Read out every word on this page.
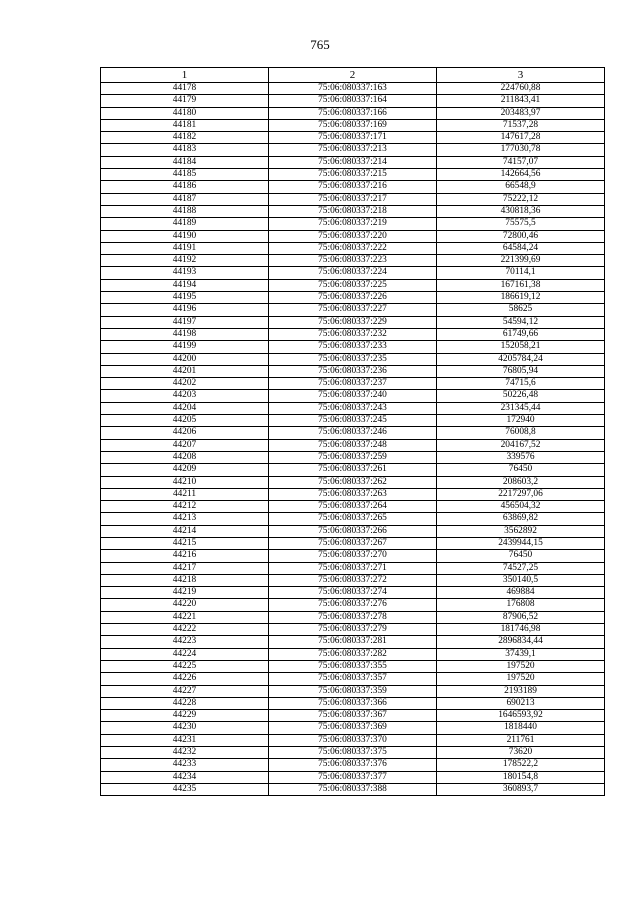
765
1	2	3
44178	75:06:080337:163	224760,88
44179	75:06:080337:164	211843,41
44180	75:06:080337:166	203483,97
44181	75:06:080337:169	71537,28
44182	75:06:080337:171	147617,28
44183	75:06:080337:213	177030,78
44184	75:06:080337:214	74157,07
44185	75:06:080337:215	142664,56
44186	75:06:080337:216	66548,9
44187	75:06:080337:217	75222,12
44188	75:06:080337:218	430818,36
44189	75:06:080337:219	75575,5
44190	75:06:080337:220	72800,46
44191	75:06:080337:222	64584,24
44192	75:06:080337:223	221399,69
44193	75:06:080337:224	70114,1
44194	75:06:080337:225	167161,38
44195	75:06:080337:226	186619,12
44196	75:06:080337:227	58625
44197	75:06:080337:229	54594,12
44198	75:06:080337:232	61749,66
44199	75:06:080337:233	152058,21
44200	75:06:080337:235	4205784,24
44201	75:06:080337:236	76805,94
44202	75:06:080337:237	74715,6
44203	75:06:080337:240	50226,48
44204	75:06:080337:243	231345,44
44205	75:06:080337:245	172940
44206	75:06:080337:246	76008,8
44207	75:06:080337:248	204167,52
44208	75:06:080337:259	339576
44209	75:06:080337:261	76450
44210	75:06:080337:262	208603,2
44211	75:06:080337:263	2217297,06
44212	75:06:080337:264	456504,32
44213	75:06:080337:265	63869,82
44214	75:06:080337:266	3562892
44215	75:06:080337:267	2439944,15
44216	75:06:080337:270	76450
44217	75:06:080337:271	74527,25
44218	75:06:080337:272	350140,5
44219	75:06:080337:274	469884
44220	75:06:080337:276	176808
44221	75:06:080337:278	87906,52
44222	75:06:080337:279	181746,98
44223	75:06:080337:281	2896834,44
44224	75:06:080337:282	37439,1
44225	75:06:080337:355	197520
44226	75:06:080337:357	197520
44227	75:06:080337:359	2193189
44228	75:06:080337:366	690213
44229	75:06:080337:367	1646593,92
44230	75:06:080337:369	1818440
44231	75:06:080337:370	211761
44232	75:06:080337:375	73620
44233	75:06:080337:376	178522,2
44234	75:06:080337:377	180154,8
44235	75:06:080337:388	360893,7
